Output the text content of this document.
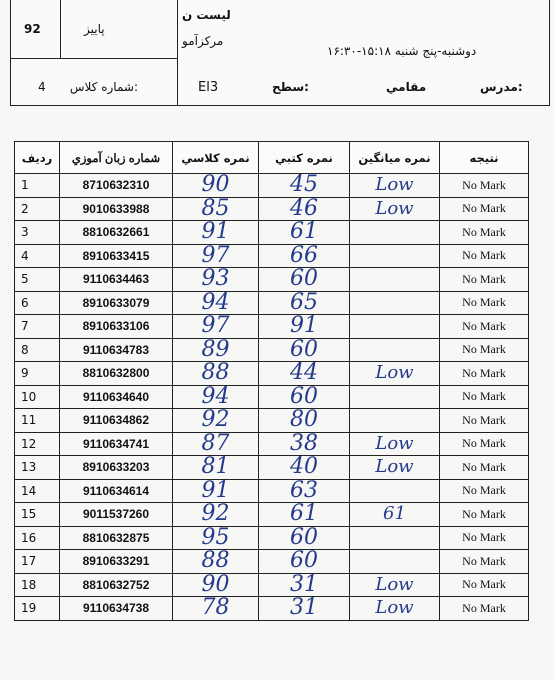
92	پاییز
شماره کلاس:
4
لیست ن
مرکزآمو
دوشنبه‌-پنج شنبه ۱۵:۱۸-۱۶:۳۰
El3	سطح:	مقامي	مدرس:
رديف	شماره زبان آموزي	نمره كلاسي	نمره كتبي	نمره ميانگين	نتيجه
1	8710632310	90	45	Low	No Mark
2	9010633988	85	46	Low	No Mark
3	8810632661	91	61		No Mark
4	8910633415	97	66		No Mark
5	9110634463	93	60		No Mark
6	8910633079	94	65		No Mark
7	8910633106	97	91		No Mark
8	9110634783	89	60		No Mark
9	8810632800	88	44	Low	No Mark
10	9110634640	94	60		No Mark
11	9110634862	92	80		No Mark
12	9110634741	87	38	Low	No Mark
13	8910633203	81	40	Low	No Mark
14	9110634614	91	63		No Mark
15	9011537260	92	61	61	No Mark
16	8810632875	95	60		No Mark
17	8910633291	88	60		No Mark
18	8810632752	90	31	Low	No Mark
19	9110634738	78	31	Low	No Mark
